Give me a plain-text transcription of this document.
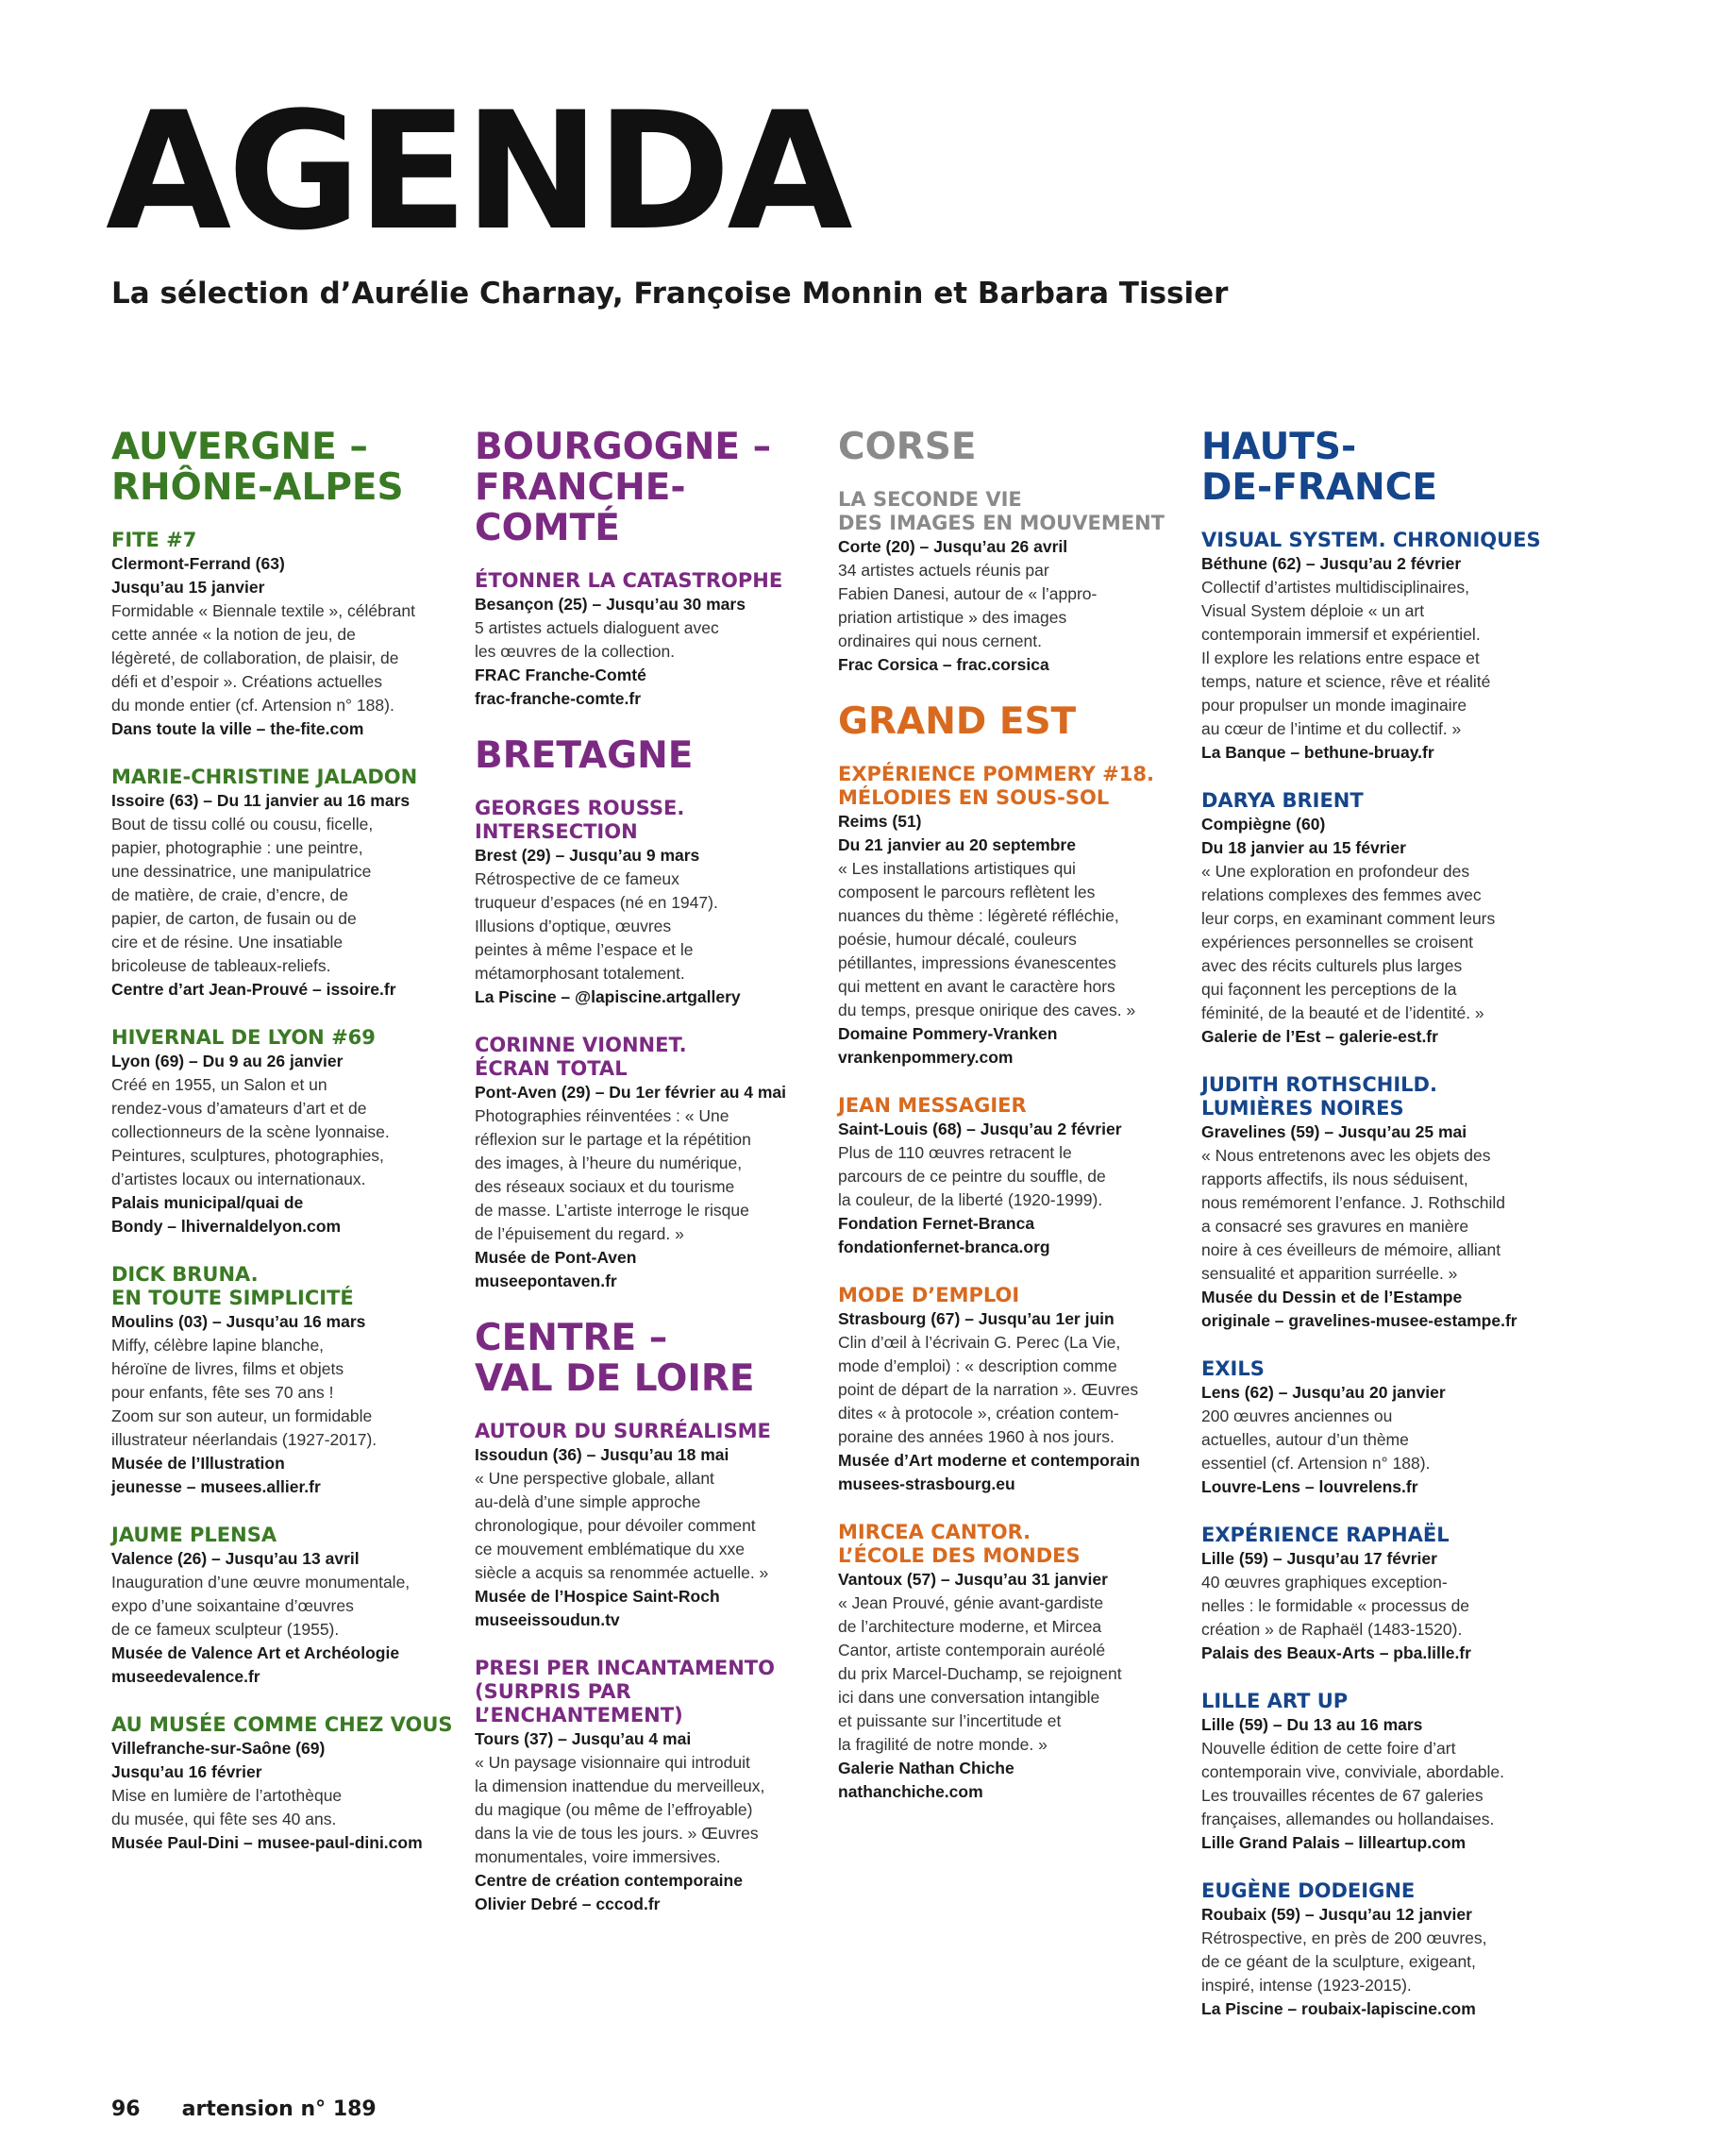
AGENDA

La sélection d’Aurélie Charnay, Françoise Monnin et Barbara Tissier

AUVERGNE –
RHÔNE-ALPES

FITE #7

Clermont-Ferrand (63)
Jusqu’au 15 janvier

Formidable « Biennale textile », célébrant
cette année « la notion de jeu, de
légèreté, de collaboration, de plaisir, de
défi et d’espoir ». Créations actuelles
du monde entier (cf. Artension n° 188).

Dans toute la ville – the-fite.com

MARIE-CHRISTINE JALADON

Issoire (63) – Du 11 janvier au 16 mars

Bout de tissu collé ou cousu, ficelle,
papier, photographie : une peintre,
une dessinatrice, une manipulatrice
de matière, de craie, d’encre, de
papier, de carton, de fusain ou de
cire et de résine. Une insatiable
bricoleuse de tableaux-reliefs.

Centre d’art Jean-Prouvé – issoire.fr

HIVERNAL DE LYON #69

Lyon (69) – Du 9 au 26 janvier

Créé en 1955, un Salon et un
rendez-vous d’amateurs d’art et de
collectionneurs de la scène lyonnaise.
Peintures, sculptures, photographies,
d’artistes locaux ou internationaux.

Palais municipal/quai de
Bondy – lhivernaldelyon.com

DICK BRUNA.
EN TOUTE SIMPLICITÉ

Moulins (03) – Jusqu’au 16 mars

Miffy, célèbre lapine blanche,
héroïne de livres, films et objets
pour enfants, fête ses 70 ans !
Zoom sur son auteur, un formidable
illustrateur néerlandais (1927-2017).

Musée de l’Illustration
jeunesse – musees.allier.fr

JAUME PLENSA

Valence (26) – Jusqu’au 13 avril

Inauguration d’une œuvre monumentale,
expo d’une soixantaine d’œuvres
de ce fameux sculpteur (1955).

Musée de Valence Art et Archéologie
museedevalence.fr

AU MUSÉE COMME CHEZ VOUS

Villefranche-sur-Saône (69)
Jusqu’au 16 février

Mise en lumière de l’artothèque
du musée, qui fête ses 40 ans.

Musée Paul-Dini – musee-paul-dini.com

BOURGOGNE –
FRANCHE-
COMTÉ

ÉTONNER LA CATASTROPHE

Besançon (25) – Jusqu’au 30 mars

5 artistes actuels dialoguent avec
les œuvres de la collection.

FRAC Franche-Comté
frac-franche-comte.fr

BRETAGNE

GEORGES ROUSSE.
INTERSECTION

Brest (29) – Jusqu’au 9 mars

Rétrospective de ce fameux
truqueur d’espaces (né en 1947).
Illusions d’optique, œuvres
peintes à même l’espace et le
métamorphosant totalement.

La Piscine – @lapiscine.artgallery

CORINNE VIONNET.
ÉCRAN TOTAL

Pont-Aven (29) – Du 1er février au 4 mai

Photographies réinventées : « Une
réflexion sur le partage et la répétition
des images, à l’heure du numérique,
des réseaux sociaux et du tourisme
de masse. L’artiste interroge le risque
de l’épuisement du regard. »

Musée de Pont-Aven
museepontaven.fr

CENTRE –
VAL DE LOIRE

AUTOUR DU SURRÉALISME

Issoudun (36) – Jusqu’au 18 mai

« Une perspective globale, allant
au-delà d’une simple approche
chronologique, pour dévoiler comment
ce mouvement emblématique du xxe
siècle a acquis sa renommée actuelle. »

Musée de l’Hospice Saint-Roch
museeissoudun.tv

PRESI PER INCANTAMENTO
(SURPRIS PAR
L’ENCHANTEMENT)

Tours (37) – Jusqu’au 4 mai

« Un paysage visionnaire qui introduit
la dimension inattendue du merveilleux,
du magique (ou même de l’effroyable)
dans la vie de tous les jours. » Œuvres
monumentales, voire immersives.

Centre de création contemporaine
Olivier Debré – cccod.fr

CORSE

LA SECONDE VIE
DES IMAGES EN MOUVEMENT

Corte (20) – Jusqu’au 26 avril

34 artistes actuels réunis par
Fabien Danesi, autour de « l’appro-
priation artistique » des images
ordinaires qui nous cernent.

Frac Corsica – frac.corsica

GRAND EST

EXPÉRIENCE POMMERY #18.
MÉLODIES EN SOUS-SOL

Reims (51)
Du 21 janvier au 20 septembre

« Les installations artistiques qui
composent le parcours reflètent les
nuances du thème : légèreté réfléchie,
poésie, humour décalé, couleurs
pétillantes, impressions évanescentes
qui mettent en avant le caractère hors
du temps, presque onirique des caves. »

Domaine Pommery-Vranken
vrankenpommery.com

JEAN MESSAGIER

Saint-Louis (68) – Jusqu’au 2 février

Plus de 110 œuvres retracent le
parcours de ce peintre du souffle, de
la couleur, de la liberté (1920-1999).

Fondation Fernet-Branca
fondationfernet-branca.org

MODE D’EMPLOI

Strasbourg (67) – Jusqu’au 1er juin

Clin d’œil à l’écrivain G. Perec (La Vie,
mode d’emploi) : « description comme
point de départ de la narration ». Œuvres
dites « à protocole », création contem-
poraine des années 1960 à nos jours.

Musée d’Art moderne et contemporain
musees-strasbourg.eu

MIRCEA CANTOR.
L’ÉCOLE DES MONDES

Vantoux (57) – Jusqu’au 31 janvier

« Jean Prouvé, génie avant-gardiste
de l’architecture moderne, et Mircea
Cantor, artiste contemporain auréolé
du prix Marcel-Duchamp, se rejoignent
ici dans une conversation intangible
et puissante sur l’incertitude et
la fragilité de notre monde. »

Galerie Nathan Chiche
nathanchiche.com

HAUTS-
DE-FRANCE

VISUAL SYSTEM. CHRONIQUES

Béthune (62) – Jusqu’au 2 février

Collectif d’artistes multidisciplinaires,
Visual System déploie « un art
contemporain immersif et expérientiel.
Il explore les relations entre espace et
temps, nature et science, rêve et réalité
pour propulser un monde imaginaire
au cœur de l’intime et du collectif. »

La Banque – bethune-bruay.fr

DARYA BRIENT

Compiègne (60)
Du 18 janvier au 15 février

« Une exploration en profondeur des
relations complexes des femmes avec
leur corps, en examinant comment leurs
expériences personnelles se croisent
avec des récits culturels plus larges
qui façonnent les perceptions de la
féminité, de la beauté et de l’identité. »

Galerie de l’Est – galerie-est.fr

JUDITH ROTHSCHILD.
LUMIÈRES NOIRES

Gravelines (59) – Jusqu’au 25 mai

« Nous entretenons avec les objets des
rapports affectifs, ils nous séduisent,
nous remémorent l’enfance. J. Rothschild
a consacré ses gravures en manière
noire à ces éveilleurs de mémoire, alliant
sensualité et apparition surréelle. »

Musée du Dessin et de l’Estampe
originale – gravelines-musee-estampe.fr

EXILS

Lens (62) – Jusqu’au 20 janvier

200 œuvres anciennes ou
actuelles, autour d’un thème
essentiel (cf. Artension n° 188).

Louvre-Lens – louvrelens.fr

EXPÉRIENCE RAPHAËL

Lille (59) – Jusqu’au 17 février

40 œuvres graphiques exception-
nelles : le formidable « processus de
création » de Raphaël (1483-1520).

Palais des Beaux-Arts – pba.lille.fr

LILLE ART UP

Lille (59) – Du 13 au 16 mars

Nouvelle édition de cette foire d’art
contemporain vive, conviviale, abordable.
Les trouvailles récentes de 67 galeries
françaises, allemandes ou hollandaises.

Lille Grand Palais – lilleartup.com

EUGÈNE DODEIGNE

Roubaix (59) – Jusqu’au 12 janvier

Rétrospective, en près de 200 œuvres,
de ce géant de la sculpture, exigeant,
inspiré, intense (1923-2015).

La Piscine – roubaix-lapiscine.com

96 artension n° 189
